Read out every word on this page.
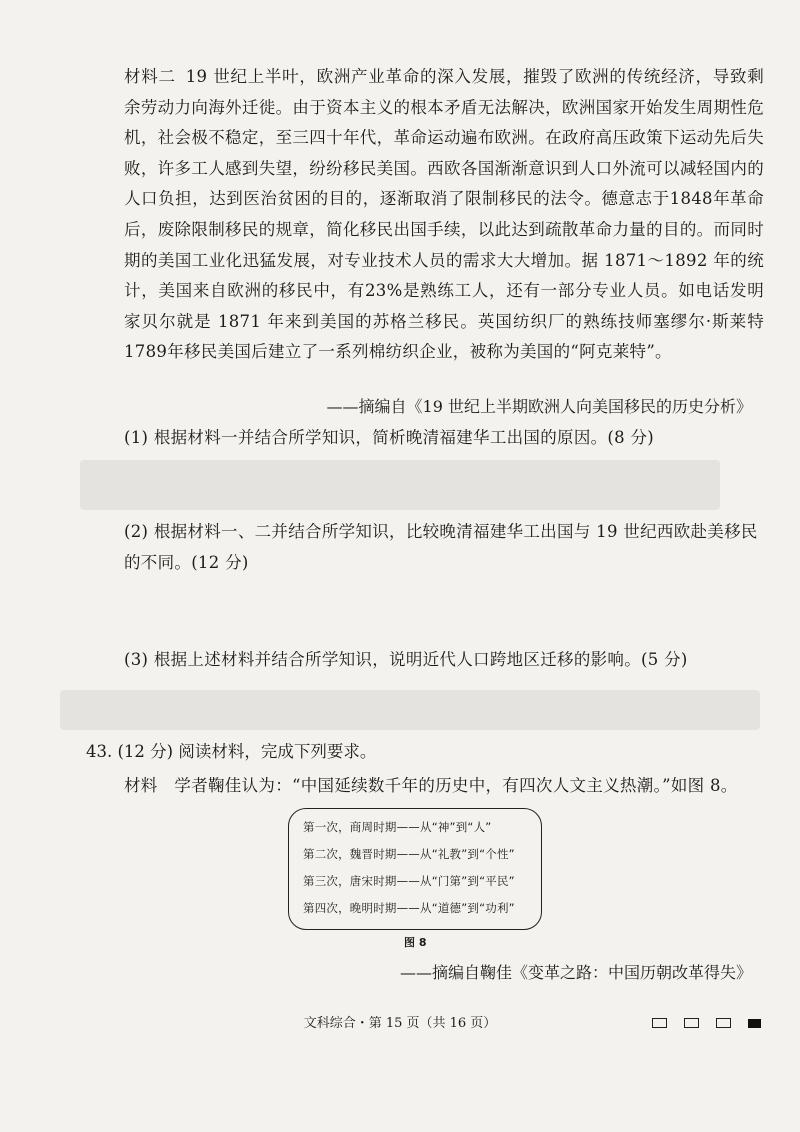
材料二 19 世纪上半叶，欧洲产业革命的深入发展，摧毁了欧洲的传统经济，导致剩余劳动力向海外迁徙。由于资本主义的根本矛盾无法解决，欧洲国家开始发生周期性危机，社会极不稳定，至三四十年代，革命运动遍布欧洲。在政府高压政策下运动先后失败，许多工人感到失望，纷纷移民美国。西欧各国渐渐意识到人口外流可以减轻国内的人口负担，达到医治贫困的目的，逐渐取消了限制移民的法令。德意志于1848年革命后，废除限制移民的规章，简化移民出国手续，以此达到疏散革命力量的目的。而同时期的美国工业化迅猛发展，对专业技术人员的需求大大增加。据 1871～1892 年的统计，美国来自欧洲的移民中，有23%是熟练工人，还有一部分专业人员。如电话发明家贝尔就是 1871 年来到美国的苏格兰移民。英国纺织厂的熟练技师塞缪尔·斯莱特1789年移民美国后建立了一系列棉纺织企业，被称为美国的“阿克莱特”。
——摘编自《19 世纪上半期欧洲人向美国移民的历史分析》
(1) 根据材料一并结合所学知识，简析晚清福建华工出国的原因。(8 分)
(2) 根据材料一、二并结合所学知识，比较晚清福建华工出国与 19 世纪西欧赴美移民的不同。(12 分)
(3) 根据上述材料并结合所学知识，说明近代人口跨地区迁移的影响。(5 分)
43. (12 分) 阅读材料，完成下列要求。
材料　学者鞠佳认为：“中国延续数千年的历史中，有四次人文主义热潮。”如图 8。
第一次，商周时期——从“神”到“人”
第二次，魏晋时期——从“礼教”到“个性”
第三次，唐宋时期——从“门第”到“平民”
第四次，晚明时期——从“道德”到“功利”
图 8
——摘编自鞠佳《变革之路：中国历朝改革得失》
文科综合・第 15 页（共 16 页）
